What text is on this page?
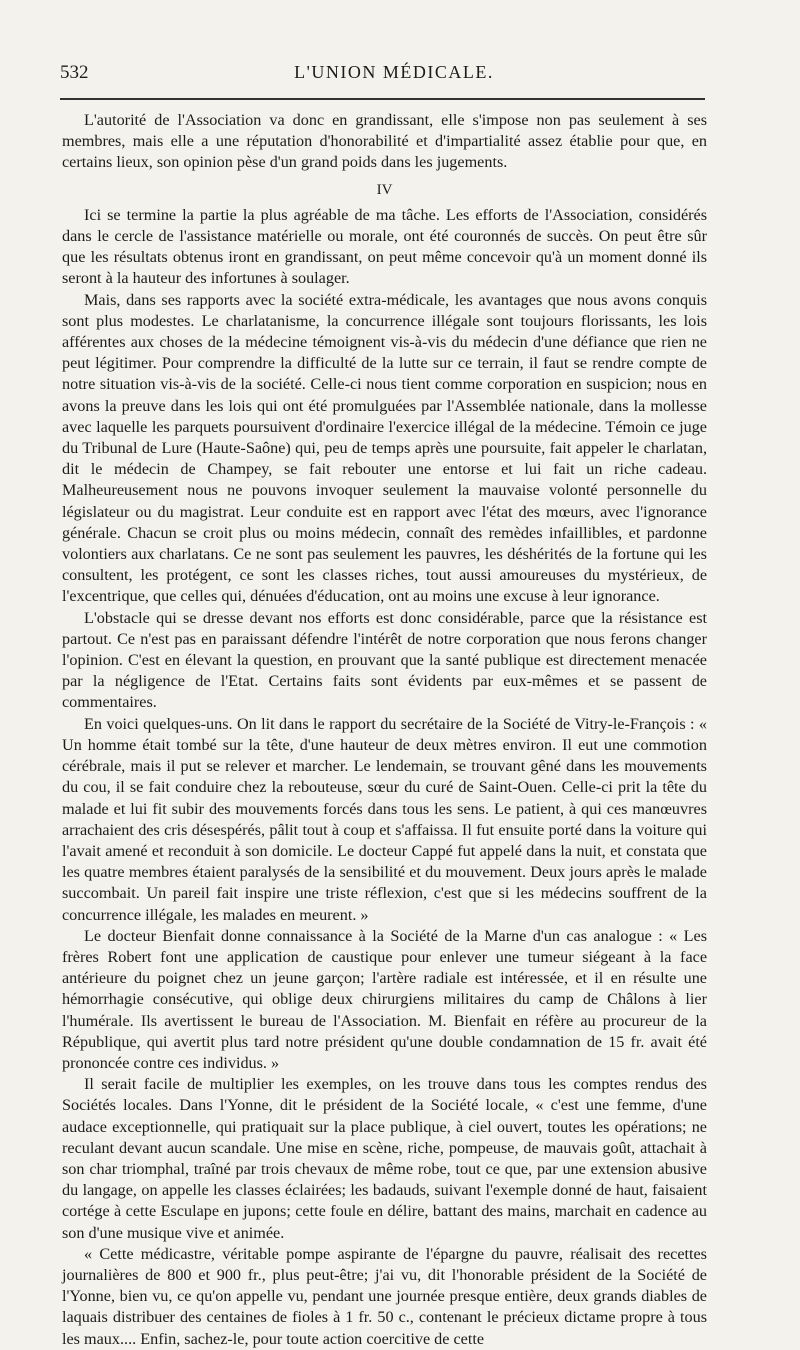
532	L'UNION MÉDICALE.

L'autorité de l'Association va donc en grandissant, elle s'impose non pas seulement à ses membres, mais elle a une réputation d'honorabilité et d'impartialité assez établie pour que, en certains lieux, son opinion pèse d'un grand poids dans les jugements.

IV

Ici se termine la partie la plus agréable de ma tâche. Les efforts de l'Association, considérés dans le cercle de l'assistance matérielle ou morale, ont été couronnés de succès. On peut être sûr que les résultats obtenus iront en grandissant, on peut même concevoir qu'à un moment donné ils seront à la hauteur des infortunes à soulager.

Mais, dans ses rapports avec la société extra-médicale, les avantages que nous avons conquis sont plus modestes. Le charlatanisme, la concurrence illégale sont toujours florissants, les lois afférentes aux choses de la médecine témoignent vis-à-vis du médecin d'une défiance que rien ne peut légitimer. Pour comprendre la difficulté de la lutte sur ce terrain, il faut se rendre compte de notre situation vis-à-vis de la société. Celle-ci nous tient comme corporation en suspicion; nous en avons la preuve dans les lois qui ont été promulguées par l'Assemblée nationale, dans la mollesse avec laquelle les parquets poursuivent d'ordinaire l'exercice illégal de la médecine. Témoin ce juge du Tribunal de Lure (Haute-Saône) qui, peu de temps après une poursuite, fait appeler le charlatan, dit le médecin de Champey, se fait rebouter une entorse et lui fait un riche cadeau. Malheureusement nous ne pouvons invoquer seulement la mauvaise volonté personnelle du législateur ou du magistrat. Leur conduite est en rapport avec l'état des mœurs, avec l'ignorance générale. Chacun se croit plus ou moins médecin, connaît des remèdes infaillibles, et pardonne volontiers aux charlatans. Ce ne sont pas seulement les pauvres, les déshérités de la fortune qui les consultent, les protégent, ce sont les classes riches, tout aussi amoureuses du mystérieux, de l'excentrique, que celles qui, dénuées d'éducation, ont au moins une excuse à leur ignorance.

L'obstacle qui se dresse devant nos efforts est donc considérable, parce que la résistance est partout. Ce n'est pas en paraissant défendre l'intérêt de notre corporation que nous ferons changer l'opinion. C'est en élevant la question, en prouvant que la santé publique est directement menacée par la négligence de l'Etat. Certains faits sont évidents par eux-mêmes et se passent de commentaires.

En voici quelques-uns. On lit dans le rapport du secrétaire de la Société de Vitry-le-François : « Un homme était tombé sur la tête, d'une hauteur de deux mètres environ. Il eut une commotion cérébrale, mais il put se relever et marcher. Le lendemain, se trouvant gêné dans les mouvements du cou, il se fait conduire chez la rebouteuse, sœur du curé de Saint-Ouen. Celle-ci prit la tête du malade et lui fit subir des mouvements forcés dans tous les sens. Le patient, à qui ces manœuvres arrachaient des cris désespérés, pâlit tout à coup et s'affaissa. Il fut ensuite porté dans la voiture qui l'avait amené et reconduit à son domicile. Le docteur Cappé fut appelé dans la nuit, et constata que les quatre membres étaient paralysés de la sensibilité et du mouvement. Deux jours après le malade succombait. Un pareil fait inspire une triste réflexion, c'est que si les médecins souffrent de la concurrence illégale, les malades en meurent. »

Le docteur Bienfait donne connaissance à la Société de la Marne d'un cas analogue : « Les frères Robert font une application de caustique pour enlever une tumeur siégeant à la face antérieure du poignet chez un jeune garçon; l'artère radiale est intéressée, et il en résulte une hémorrhagie consécutive, qui oblige deux chirurgiens militaires du camp de Châlons à lier l'humérale. Ils avertissent le bureau de l'Association. M. Bienfait en réfère au procureur de la République, qui avertit plus tard notre président qu'une double condamnation de 15 fr. avait été prononcée contre ces individus. »

Il serait facile de multiplier les exemples, on les trouve dans tous les comptes rendus des Sociétés locales. Dans l'Yonne, dit le président de la Société locale, « c'est une femme, d'une audace exceptionnelle, qui pratiquait sur la place publique, à ciel ouvert, toutes les opérations; ne reculant devant aucun scandale. Une mise en scène, riche, pompeuse, de mauvais goût, attachait à son char triomphal, traîné par trois chevaux de même robe, tout ce que, par une extension abusive du langage, on appelle les classes éclairées; les badauds, suivant l'exemple donné de haut, faisaient cortége à cette Esculape en jupons; cette foule en délire, battant des mains, marchait en cadence au son d'une musique vive et animée.

« Cette médicastre, véritable pompe aspirante de l'épargne du pauvre, réalisait des recettes journalières de 800 et 900 fr., plus peut-être; j'ai vu, dit l'honorable président de la Société de l'Yonne, bien vu, ce qu'on appelle vu, pendant une journée presque entière, deux grands diables de laquais distribuer des centaines de fioles à 1 fr. 50 c., contenant le précieux dictame propre à tous les maux.... Enfin, sachez-le, pour toute action coercitive de cette
